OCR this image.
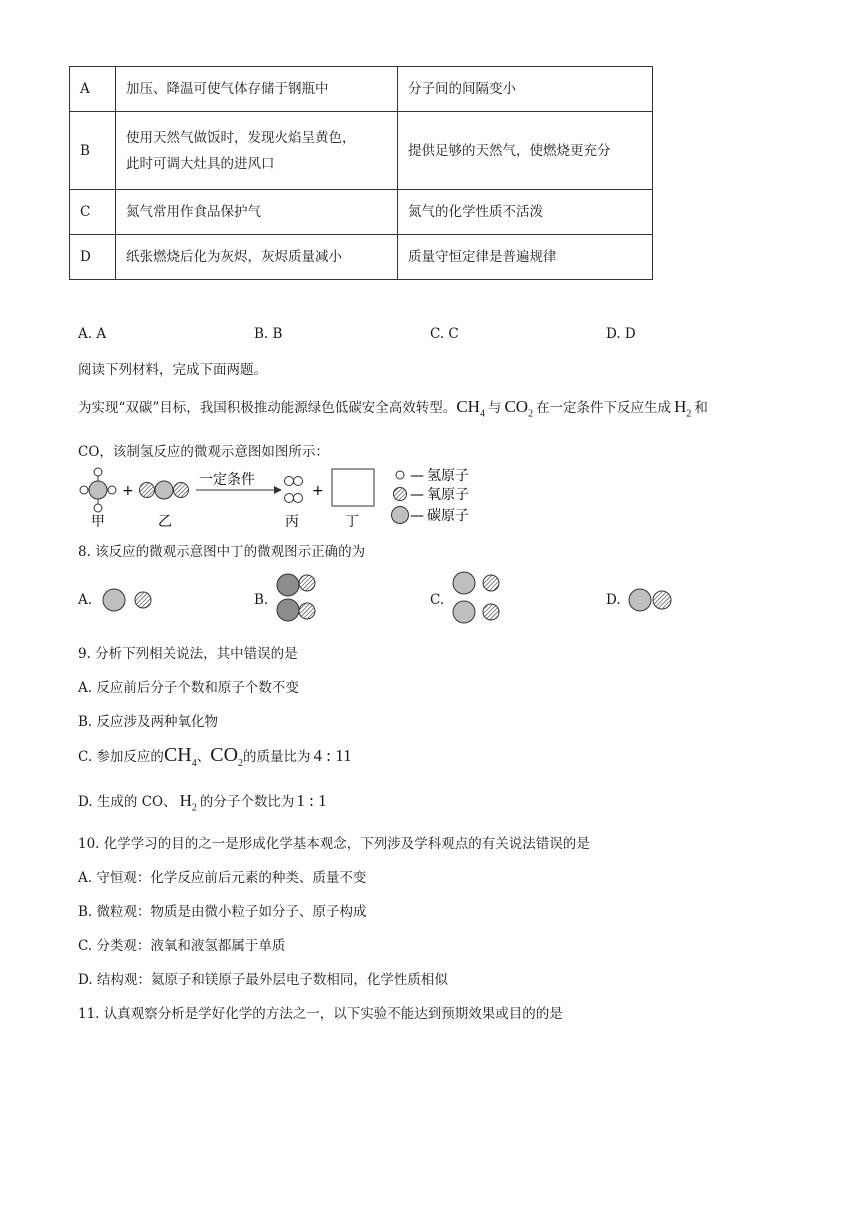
A	加压、降温可使气体存储于钢瓶中	分子间的间隔变小
B	使用天然气做饭时，发现火焰呈黄色，
此时可调大灶具的进风口	提供足够的天然气，使燃烧更充分
C	氮气常用作食品保护气	氮气的化学性质不活泼
D	纸张燃烧后化为灰烬，灰烬质量减小	质量守恒定律是普遍规律
A. A	B. B	C. C	D. D
阅读下列材料，完成下面两题。
为实现“双碳”目标，我国积极推动能源绿色低碳安全高效转型。$CH_4$ 与 $CO_2$ 在一定条件下反应生成 $H_2$ 和
CO，该制氢反应的微观示意图如图所示：
+
一定条件
+
甲	乙	丙	丁
— 氢原子
— 氧原子
— 碳原子
8. 该反应的微观示意图中丁的微观图示正确的为
A.	B.	C.	D.
9. 分析下列相关说法，其中错误的是
A. 反应前后分子个数和原子个数不变
B. 反应涉及两种氧化物
C. 参加反应的$CH_4$、$CO_2$的质量比为 4 : 11
D. 生成的 CO、 $H_2$ 的分子个数比为 1 : 1
10. 化学学习的目的之一是形成化学基本观念，下列涉及学科观点的有关说法错误的是
A. 守恒观：化学反应前后元素的种类、质量不变
B. 微粒观：物质是由微小粒子如分子、原子构成
C. 分类观：液氧和液氢都属于单质
D. 结构观：氦原子和镁原子最外层电子数相同，化学性质相似
11. 认真观察分析是学好化学的方法之一，以下实验不能达到预期效果或目的的是
